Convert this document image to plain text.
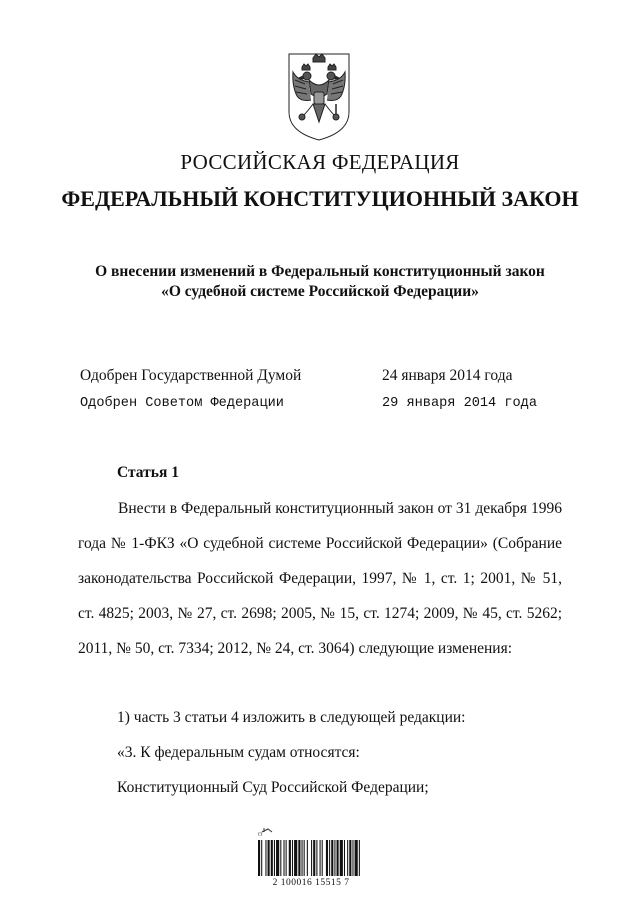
РОССИЙСКАЯ ФЕДЕРАЦИЯ
ФЕДЕРАЛЬНЫЙ КОНСТИТУЦИОННЫЙ ЗАКОН
О внесении изменений в Федеральный конституционный закон
«О судебной системе Российской Федерации»
Одобрен Государственной Думой	24 января 2014 года
Одобрен Советом Федерации	29 января 2014 года
Статья 1

Внести в Федеральный конституционный закон от 31 декабря 1996 года № 1-ФКЗ «О судебной системе Российской Федерации» (Собрание законодательства Российской Федерации, 1997, № 1, ст. 1; 2001, № 51, ст. 4825; 2003, № 27, ст. 2698; 2005, № 15, ст. 1274; 2009, № 45, ст. 5262; 2011, № 50, ст. 7334; 2012, № 24, ст. 3064) следующие изменения:

1) часть 3 статьи 4 изложить в следующей редакции:
«3. К федеральным судам относятся:
Конституционный Суд Российской Федерации;
ʘ
2 100016 15515 7
